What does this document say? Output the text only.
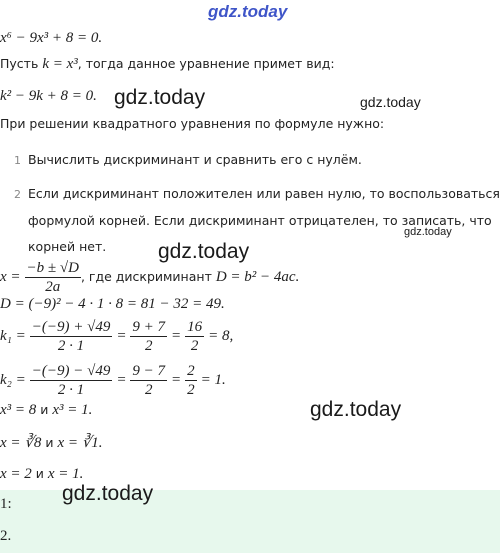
gdz.today
x⁶ − 9x³ + 8 = 0.
Пусть k = x³, тогда данное уравнение примет вид:
k² − 9k + 8 = 0. gdz.today	gdz.today
При решении квадратного уравнения по формуле нужно:
1 Вычислить дискриминант и сравнить его с нулём.
2 Если дискриминант положителен или равен нулю, то воспользоваться
формулой корней. Если дискриминант отрицателен, то записать, что
корней нет.
gdz.today
gdz.today
$x = \frac{-b \pm √D}{2a}$ , где дискриминант D = b² − 4ac.
D = (−9)² − 4 · 1 · 8 = 81 − 32 = 49.
$k_1 = \frac{-(-9) + √49}{2 \cdot 1} = \frac{9 + 7}{2} = \frac{16}{2} = 8$,
$k_2 = \frac{-(-9) - √49}{2 \cdot 1} = \frac{9 - 7}{2} = \frac{2}{2} = 1$.
x³ = 8 и x³ = 1.	gdz.today
x = ∛8 и x = ∛1.
x = 2 и x = 1.
gdz.today
1:
2.
